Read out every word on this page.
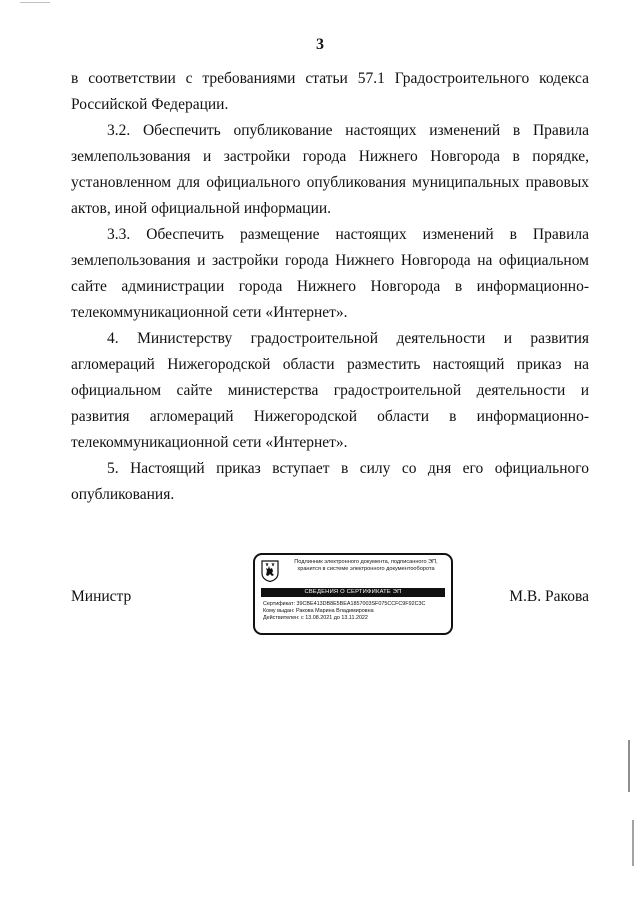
3

в соответствии с требованиями статьи 57.1 Градостроительного кодекса Российской Федерации.

3.2. Обеспечить опубликование настоящих изменений в Правила землепользования и застройки города Нижнего Новгорода в порядке, установленном для официального опубликования муниципальных правовых актов, иной официальной информации.

3.3. Обеспечить размещение настоящих изменений в Правила землепользования и застройки города Нижнего Новгорода на официальном сайте администрации города Нижнего Новгорода в информационно-телекоммуникационной сети «Интернет».

4. Министерству градостроительной деятельности и развития агломераций Нижегородской области разместить настоящий приказ на официальном сайте министерства градостроительной деятельности и развития агломераций Нижегородской области в информационно-телекоммуникационной сети «Интернет».

5. Настоящий приказ вступает в силу со дня его официального опубликования.

Министр	М.В. Ракова
Подлинник электронного документа, подписанного ЭП,
хранится в системе электронного документооборота
СВЕДЕНИЯ О СЕРТИФИКАТЕ ЭП
Сертификат: 39CBE413DB8E5BEA1857003SF075CCFC9F92C3C
Кому выдан: Ракова Марина Владимировна
Действителен: с 13.08.2021 до 13.11.2022
